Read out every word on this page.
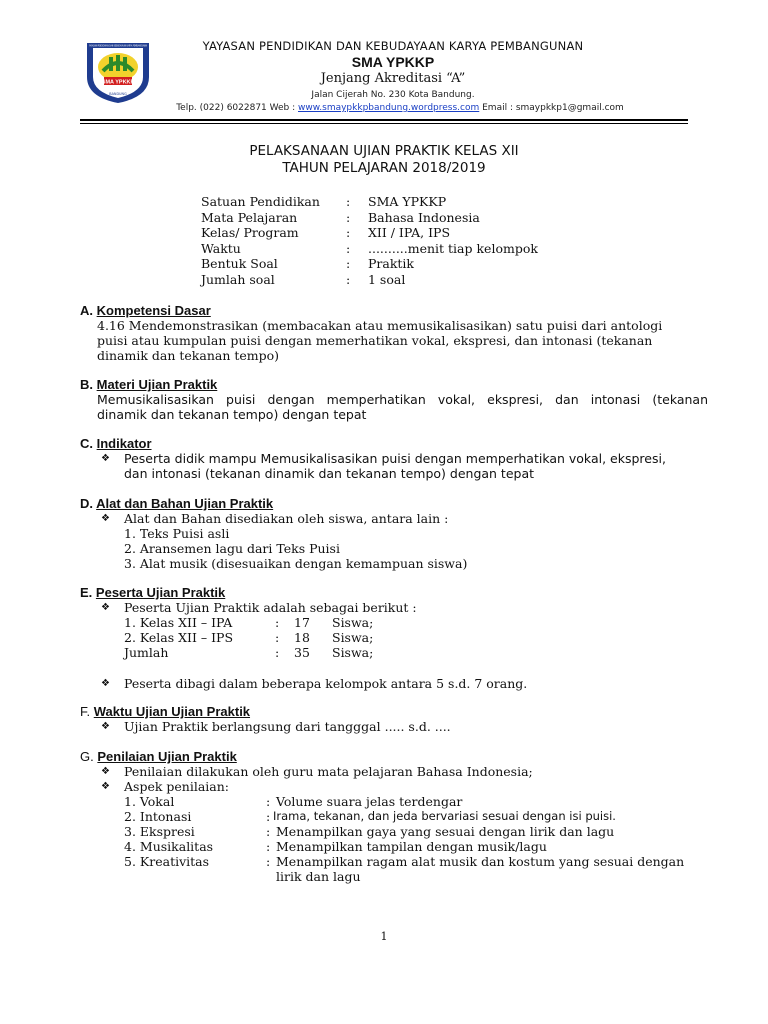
YAYASAN PENDIDIKAN DAN KEBUDAYAAN KARYA PEMBANGUNAN
SMA YPKKP
BANDUNG
YAYASAN PENDIDIKAN DAN KEBUDAYAAN KARYA PEMBANGUNAN
SMA YPKKP
Jenjang Akreditasi “A”
Jalan Cijerah No. 230 Kota Bandung.
Telp. (022) 6022871 Web : www.smaypkkpbandung.wordpress.com Email : smaypkkp1@gmail.com
PELAKSANAAN UJIAN PRAKTIK KELAS XII
TAHUN PELAJARAN 2018/2019
Satuan Pendidikan	:	SMA YPKKP
Mata Pelajaran	:	Bahasa Indonesia
Kelas/ Program	:	XII / IPA, IPS
Waktu	:	..........menit tiap kelompok
Bentuk Soal	:	Praktik
Jumlah soal	:	1 soal
A. Kompetensi Dasar
4.16 Mendemonstrasikan (membacakan atau memusikalisasikan) satu puisi dari antologi
puisi atau kumpulan puisi dengan memerhatikan vokal, ekspresi, dan intonasi (tekanan
dinamik dan tekanan tempo)
B. Materi Ujian Praktik
Memusikalisasikan puisi dengan memperhatikan vokal, ekspresi, dan intonasi (tekanan
dinamik dan tekanan tempo) dengan tepat
C. Indikator
❖ Peserta didik mampu Memusikalisasikan puisi dengan memperhatikan vokal, ekspresi,
dan intonasi (tekanan dinamik dan tekanan tempo) dengan tepat
D. Alat dan Bahan Ujian Praktik
❖ Alat dan Bahan disediakan oleh siswa, antara lain :
1. Teks Puisi asli
2. Aransemen lagu dari Teks Puisi
3. Alat musik (disesuaikan dengan kemampuan siswa)
E. Peserta Ujian Praktik
❖ Peserta Ujian Praktik adalah sebagai berikut :
1. Kelas XII – IPA	: 17 Siswa;
2. Kelas XII – IPS	: 18 Siswa;
Jumlah	: 35 Siswa;
❖ Peserta dibagi dalam beberapa kelompok antara 5 s.d. 7 orang.
F. Waktu Ujian Ujian Praktik
❖ Ujian Praktik berlangsung dari tangggal ..... s.d. ....
G. Penilaian Ujian Praktik
❖ Penilaian dilakukan oleh guru mata pelajaran Bahasa Indonesia;
❖ Aspek penilaian:
1. Vokal	: Volume suara jelas terdengar
2. Intonasi	: Irama, tekanan, dan jeda bervariasi sesuai dengan isi puisi.
3. Ekspresi	: Menampilkan gaya yang sesuai dengan lirik dan lagu
4. Musikalitas	: Menampilkan tampilan dengan musik/lagu
5. Kreativitas	: Menampilkan ragam alat musik dan kostum yang sesuai dengan
lirik dan lagu
1
